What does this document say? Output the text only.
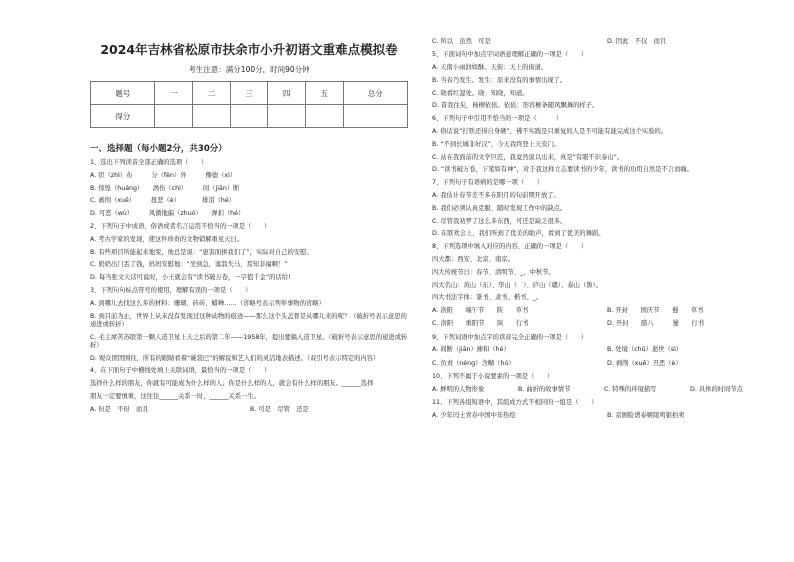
2024年吉林省松原市扶余市小升初语文重难点模拟卷
考生注意：满分100分，时间90分钟
题号	一	二	三	四	五	总分
得分						
一、选择题（每小题2分，共30分）
1、选出下列读音全部正确的选项（　　）
A. 织（zhì）布　　　分（fèn）外　　　傈德（xì）
B. 惊惶（huáng）　　涡伤（chì）　　　间（jiān）断
C. 剥削（xuē）　　　扭恶（è）　　　　排泪（hé）
D. 可恶（wù）　　　风微地偏（zhuó）　　弹扣（hé）
2、下列句子中成语、俗语或者名言运用不恰当的一项是（　　）
A. 考古学家的发现，使这件珍贵的文物销解重见天日。
B. 有些项目所能起来地变，他总是说：“患害面拼我们了”，实际对自己的安慰。
C. 奶奶出门丢了钱，妈妈安慰地：“坐到急，塞翁失马，焉知非福啊！”
D. 每当张文天话可说时，小王就会有“读书破万卷，一字值千金”的话给!
3、下列句句标点符号的使用，理解有误的一项是（　　）
A. 到哪儿去找这么多的材料：珊瑚、砖砖、蜡蝉……（省略号表示列举事物的省略）
B. 到目前为止，世界上从未没有发现过这种动物的痕迹——那么这个头盖骨是从哪儿来的呢？（破折号表示意思的递进或转折）
C. 毛主席苦苏联第一颗人造卫星上天之后的第二年——1958年，提出要搞人造卫星。（破折号表示意思的递进或转折）
D. 观众团团围住，所有的眼睛看着“碗袋巴”的解说和艺人们的灵活地表描述。（双引号表示特定的内容）
4、在下面句子中横线处填上关联词语，最恰当的一项是（　　）
选择什么样的朋友，你就有可能成为什么样的人；你是什么样的人，就会有什么样的朋友。______选择
朋友一定要慎重，这往往______关系一时，______关系一生。
A. 但是　不但　而且	B. 可是　尽管　还是
C. 所以　虽然　可是	D. 因此　不仅　而且
5、下面词句中加点字词语意理解正确的一项是（　　）
A. 天南小雨润如酥。天街：天上的街道。
B. 当春乃发生。发生：原来没有的事情出现了。
C. 晓看红湿处。晓：知晓，知道。
D. 昔我往矣，杨柳依依。依依：形容柳条随风飘舞的样子。
6、下列句子中引用不恰当的一项是（　　　）
A. 俗话说“打铁还得自身硬”，佛不实践是只重复的人是不可能有能完成这个实验的。
B. “不到长城非好汉”，今天我终登上天安门。
C. 站在我面前的文学巨匠，我竟然说以出来，真是“有眼不识泰山”。
D. “读书破万卷，下笔如有神”，对于我这样立志要读书的少年，读书的功用自然是不言而喻。
7、下列句子有语病的是哪一项（　　）
A. 我估计春节差不多在阳月的旬前期开放了。
B. 我们必须认真克服、随时发现工作中的缺点。
C. 尽管我劝罗了这么多东西，可还是缺乏很多。
D. 在联欢会上，我们听到了优美的助声，看到了优美的舞蹈。
8、下列选项中填入对应的内容，正确的一项是（　　）
四大都：西安、北京、南京。
四大传统节日：春节、清明节、_、中秋节。
四大名山：黄山（东）、华山（　）、庐山（赣）、泰山（鲁）。
四大书法字体：篆书、隶书、楷书、_。
A. 洛阳　　端午节　　陕　　草书	B. 开封　　国庆节　　蜀　　草书
C. 洛阳　　重阳节　　陕　　行书	D. 开封　　腊八　　　蜀　　行书
9、下列词语中加点字的读音完全正确的一项是（　　）
A. 间断（jiān）掺和（hé）	B. 处境（chǔ）逝世（sì）
C. 负责（néng）含糊（hú）	D. 剥削（xuē）丑恶（è）
10、下列不属于小说要素的一项是（　　）
A. 鲜明的人物形象	B. 曲折的故事情节	C. 特殊的环境描写	D. 具体的时间节点
11、下列各组短语中，其组成方式不相同的一组是（　　）
A. 少年闰土青春中国中年热绘	B. 京剧脸谱泰姬陵鸣银拍卖
